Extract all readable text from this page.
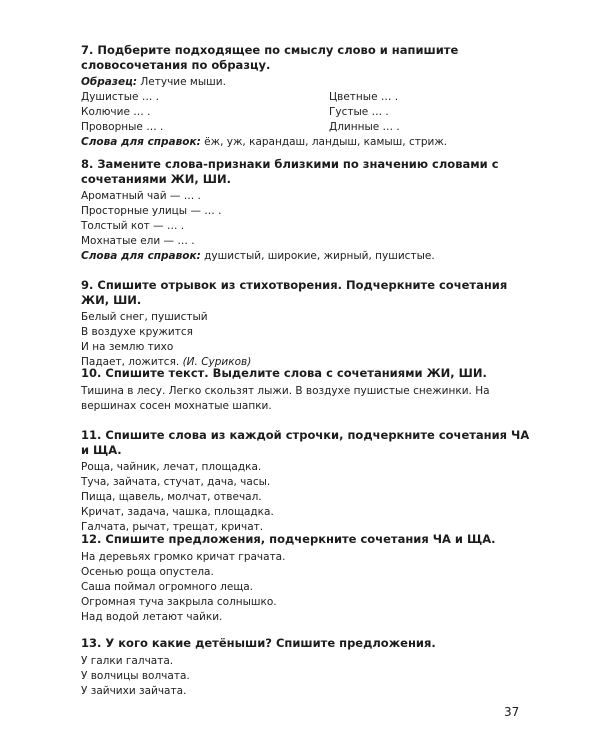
7. Подберите подходящее по смыслу слово и напишите словосочетания по образцу.

Образец: Летучие мыши.

Душистые … .	Цветные … .
Колючие … .	Густые … .
Проворные … .	Длинные … .

Слова для справок: ёж, уж, карандаш, ландыш, камыш, стриж.

8. Замените слова-признаки близкими по значению словами с сочетаниями ЖИ, ШИ.

Ароматный чай — … .

Просторные улицы — … .

Толстый кот — … .

Мохнатые ели — … .

Слова для справок: душистый, широкие, жирный, пушистые.

9. Спишите отрывок из стихотворения. Подчеркните сочетания ЖИ, ШИ.

Белый снег, пушистый

В воздухе кружится

И на землю тихо

Падает, ложится. (И. Суриков)

10. Спишите текст. Выделите слова с сочетаниями ЖИ, ШИ.

Тишина в лесу. Легко скользят лыжи. В воздухе пушистые снежинки. На вершинах сосен мохнатые шапки.

11. Спишите слова из каждой строчки, подчеркните сочетания ЧА и ЩА.

Роща, чайник, лечат, площадка.

Туча, зайчата, стучат, дача, часы.

Пища, щавель, молчат, отвечал.

Кричат, задача, чашка, площадка.

Галчата, рычат, трещат, кричат.

12. Спишите предложения, подчеркните сочетания ЧА и ЩА.

На деревьях громко кричат грачата.

Осенью роща опустела.

Саша поймал огромного леща.

Огромная туча закрыла солнышко.

Над водой летают чайки.

13. У кого какие детёныши? Спишите предложения.

У галки галчата.

У волчицы волчата.

У зайчихи зайчата.

37
